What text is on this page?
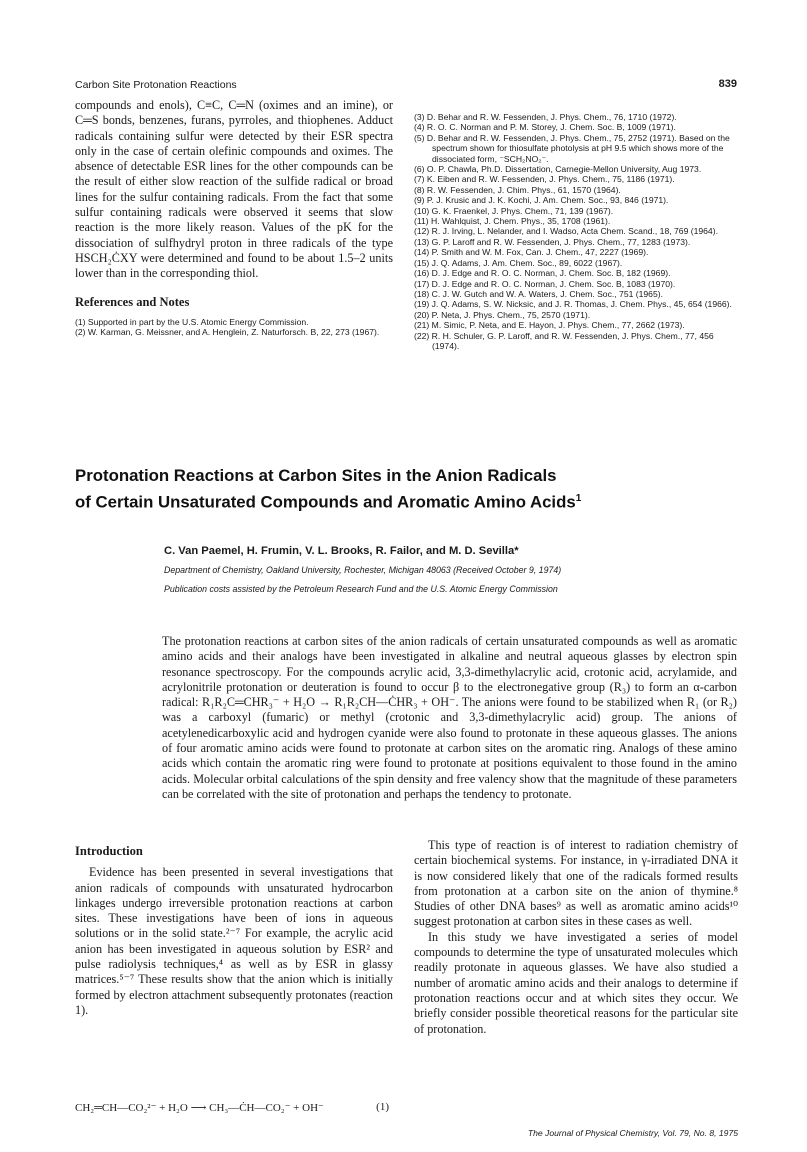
Carbon Site Protonation Reactions	839

compounds and enols), C≡C, C═N (oximes and an imine), or C═S bonds, benzenes, furans, pyrroles, and thiophenes. Adduct radicals containing sulfur were detected by their ESR spectra only in the case of certain olefinic compounds and oximes. The absence of detectable ESR lines for the other compounds can be the result of either slow reaction of the sulfide radical or broad lines for the sulfur containing radicals. From the fact that some sulfur containing radicals were observed it seems that slow reaction is the more likely reason. Values of the pK for the dissociation of sulfhydryl proton in three radicals of the type HSCH₂ĊXY were determined and found to be about 1.5–2 units lower than in the corresponding thiol.

References and Notes
(1) Supported in part by the U.S. Atomic Energy Commission.
(2) W. Karman, G. Meissner, and A. Henglein, Z. Naturforsch. B, 22, 273 (1967).
(3) D. Behar and R. W. Fessenden, J. Phys. Chem., 76, 1710 (1972).
(4) R. O. C. Norman and P. M. Storey, J. Chem. Soc. B, 1009 (1971).
(5) D. Behar and R. W. Fessenden, J. Phys. Chem., 75, 2752 (1971). Based on the spectrum shown for thiosulfate photolysis at pH 9.5 which shows more of the dissociated form, ⁻SCH₂NO₂⁻.
(6) O. P. Chawla, Ph.D. Dissertation, Carnegie-Mellon University, Aug 1973.
(7) K. Eiben and R. W. Fessenden, J. Phys. Chem., 75, 1186 (1971).
(8) R. W. Fessenden, J. Chim. Phys., 61, 1570 (1964).
(9) P. J. Krusic and J. K. Kochi, J. Am. Chem. Soc., 93, 846 (1971).
(10) G. K. Fraenkel, J. Phys. Chem., 71, 139 (1967).
(11) H. Wahlquist, J. Chem. Phys., 35, 1708 (1961).
(12) R. J. Irving, L. Nelander, and I. Wadso, Acta Chem. Scand., 18, 769 (1964).
(13) G. P. Laroff and R. W. Fessenden, J. Phys. Chem., 77, 1283 (1973).
(14) P. Smith and W. M. Fox, Can. J. Chem., 47, 2227 (1969).
(15) J. Q. Adams, J. Am. Chem. Soc., 89, 6022 (1967).
(16) D. J. Edge and R. O. C. Norman, J. Chem. Soc. B, 182 (1969).
(17) D. J. Edge and R. O. C. Norman, J. Chem. Soc. B, 1083 (1970).
(18) C. J. W. Gutch and W. A. Waters, J. Chem. Soc., 751 (1965).
(19) J. Q. Adams, S. W. Nicksic, and J. R. Thomas, J. Chem. Phys., 45, 654 (1966).
(20) P. Neta, J. Phys. Chem., 75, 2570 (1971).
(21) M. Simic, P. Neta, and E. Hayon, J. Phys. Chem., 77, 2662 (1973).
(22) R. H. Schuler, G. P. Laroff, and R. W. Fessenden, J. Phys. Chem., 77, 456 (1974).
Protonation Reactions at Carbon Sites in the Anion Radicals
of Certain Unsaturated Compounds and Aromatic Amino Acids$^1$
C. Van Paemel, H. Frumin, V. L. Brooks, R. Failor, and M. D. Sevilla*
Department of Chemistry, Oakland University, Rochester, Michigan 48063 (Received October 9, 1974)
Publication costs assisted by the Petroleum Research Fund and the U.S. Atomic Energy Commission

The protonation reactions at carbon sites of the anion radicals of certain unsaturated compounds as well as aromatic amino acids and their analogs have been investigated in alkaline and neutral aqueous glasses by electron spin resonance spectroscopy. For the compounds acrylic acid, 3,3-dimethylacrylic acid, crotonic acid, acrylamide, and acrylonitrile protonation or deuteration is found to occur β to the electronegative group (R₃) to form an α-carbon radical: R₁R₂C═CHR₃⁻ + H₂O → R₁R₂CH—ĊHR₃ + OH⁻. The anions were found to be stabilized when R₁ (or R₂) was a carboxyl (fumaric) or methyl (crotonic and 3,3-dimethylacrylic acid) group. The anions of acetylenedicarboxylic acid and hydrogen cyanide were also found to protonate in these aqueous glasses. The anions of four aromatic amino acids were found to protonate at carbon sites on the aromatic ring. Analogs of these amino acids which contain the aromatic ring were found to protonate at positions equivalent to those found in the amino acids. Molecular orbital calculations of the spin density and free valency show that the magnitude of these parameters can be correlated with the site of protonation and perhaps the tendency to protonate.

Introduction

Evidence has been presented in several investigations that anion radicals of compounds with unsaturated hydrocarbon linkages undergo irreversible protonation reactions at carbon sites. These investigations have been of ions in aqueous solutions or in the solid state.²⁻⁷ For example, the acrylic acid anion has been investigated in aqueous solution by ESR² and pulse radiolysis techniques,⁴ as well as by ESR in glassy matrices.⁵⁻⁷ These results show that the anion which is initially formed by electron attachment subsequently protonates (reaction 1).

CH₂═CH—CO₂²⁻ + H₂O ⟶ CH₃—ĊH—CO₂⁻ + OH⁻	(1)

This type of reaction is of interest to radiation chemistry of certain biochemical systems. For instance, in γ-irradiated DNA it is now considered likely that one of the radicals formed results from protonation at a carbon site on the anion of thymine.⁸ Studies of other DNA bases⁹ as well as aromatic amino acids¹⁰ suggest protonation at carbon sites in these cases as well.

In this study we have investigated a series of model compounds to determine the type of unsaturated molecules which readily protonate in aqueous glasses. We have also studied a number of aromatic amino acids and their analogs to determine if protonation reactions occur and at which sites they occur. We briefly consider possible theoretical reasons for the particular site of protonation.

The Journal of Physical Chemistry, Vol. 79, No. 8, 1975
